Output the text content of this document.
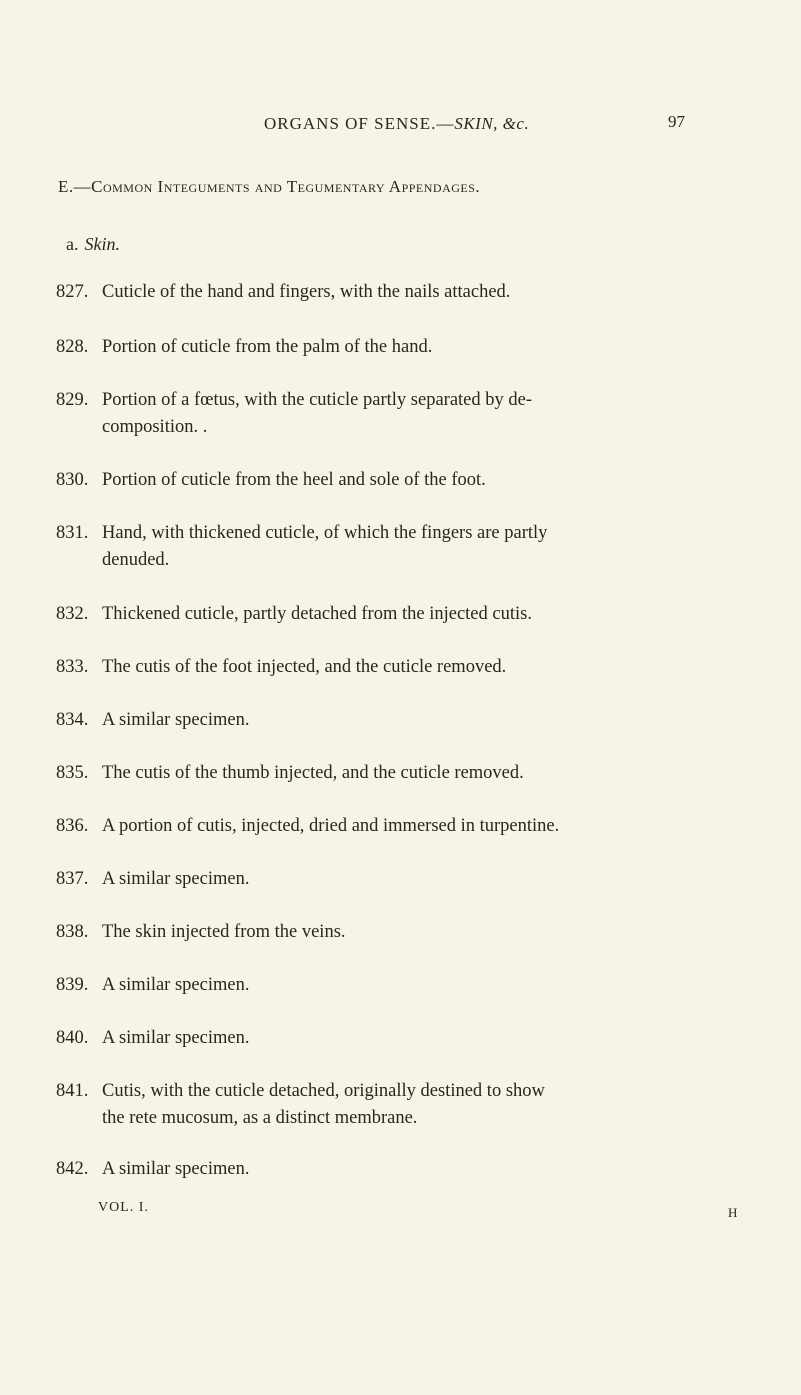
ORGANS OF SENSE.—SKIN, &c.	97
E.—Common Integuments and Tegumentary Appendages.
a. Skin.
827. Cuticle of the hand and fingers, with the nails attached.
828. Portion of cuticle from the palm of the hand.
829. Portion of a fœtus, with the cuticle partly separated by de-
composition. .
830. Portion of cuticle from the heel and sole of the foot.
831. Hand, with thickened cuticle, of which the fingers are partly
denuded.
832. Thickened cuticle, partly detached from the injected cutis.
833. The cutis of the foot injected, and the cuticle removed.
834. A similar specimen.
835. The cutis of the thumb injected, and the cuticle removed.
836. A portion of cutis, injected, dried and immersed in turpentine.
837. A similar specimen.
838. The skin injected from the veins.
839. A similar specimen.
840. A similar specimen.
841. Cutis, with the cuticle detached, originally destined to show
the rete mucosum, as a distinct membrane.
842. A similar specimen.
VOL. I.	H
